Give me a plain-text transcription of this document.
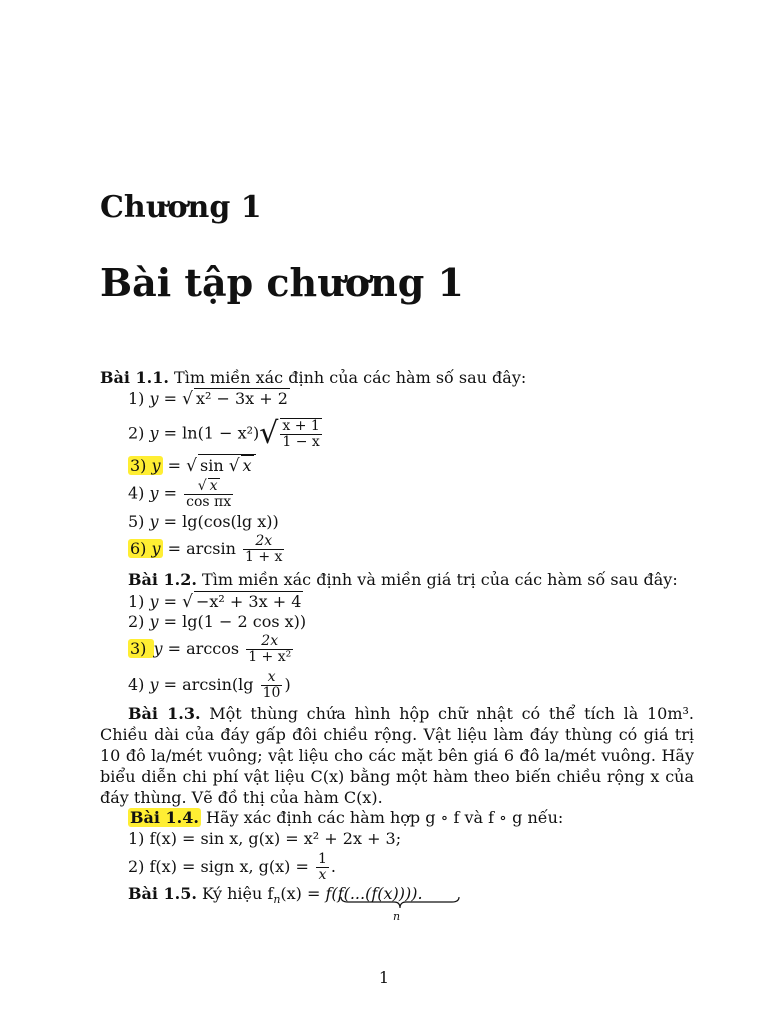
Chương 1
Bài tập chương 1
Bài 1.1. Tìm miền xác định của các hàm số sau đây:
1) y = √ x² − 3x + 2
2) $y = \ln(1 - x^2)√ \frac{x + 1}{1 - x}$
3) y = √ sin √ x
4) $y = \frac{√ x}{\text{cos πx}}$
5) y = lg(cos(lg x))
6) $y = \arcsin \frac{2x}{1 + x}$
Bài 1.2. Tìm miền xác định và miền giá trị của các hàm số sau đây:
1) y = √ −x² + 3x + 4
2) y = lg(1 − 2 cos x))
3) $y = \arccos \frac{2x}{\text{1 + x²}}$
4) $y = \arcsin(\lg \frac{x}{10}$ )
Bài 1.3. Một thùng chứa hình hộp chữ nhật có thể tích là 10m³. Chiều dài của đáy gấp đôi chiều rộng. Vật liệu làm đáy thùng có giá trị 10 đô la/mét vuông; vật liệu cho các mặt bên giá 6 đô la/mét vuông. Hãy biểu diễn chi phí vật liệu C(x) bằng một hàm theo biến chiều rộng x của đáy thùng. Vẽ đồ thị của hàm C(x).
Bài 1.4. Hãy xác định các hàm hợp g ∘ f và f ∘ g nếu:
1) f(x) = sin x, g(x) = x² + 2x + 3;
2) f(x) = sign x, $g(x) = \frac{1}{x}$ .
Bài 1.5. Ký hiệu $f_n(x) = f(f(...(f(x))))$.
n
1
